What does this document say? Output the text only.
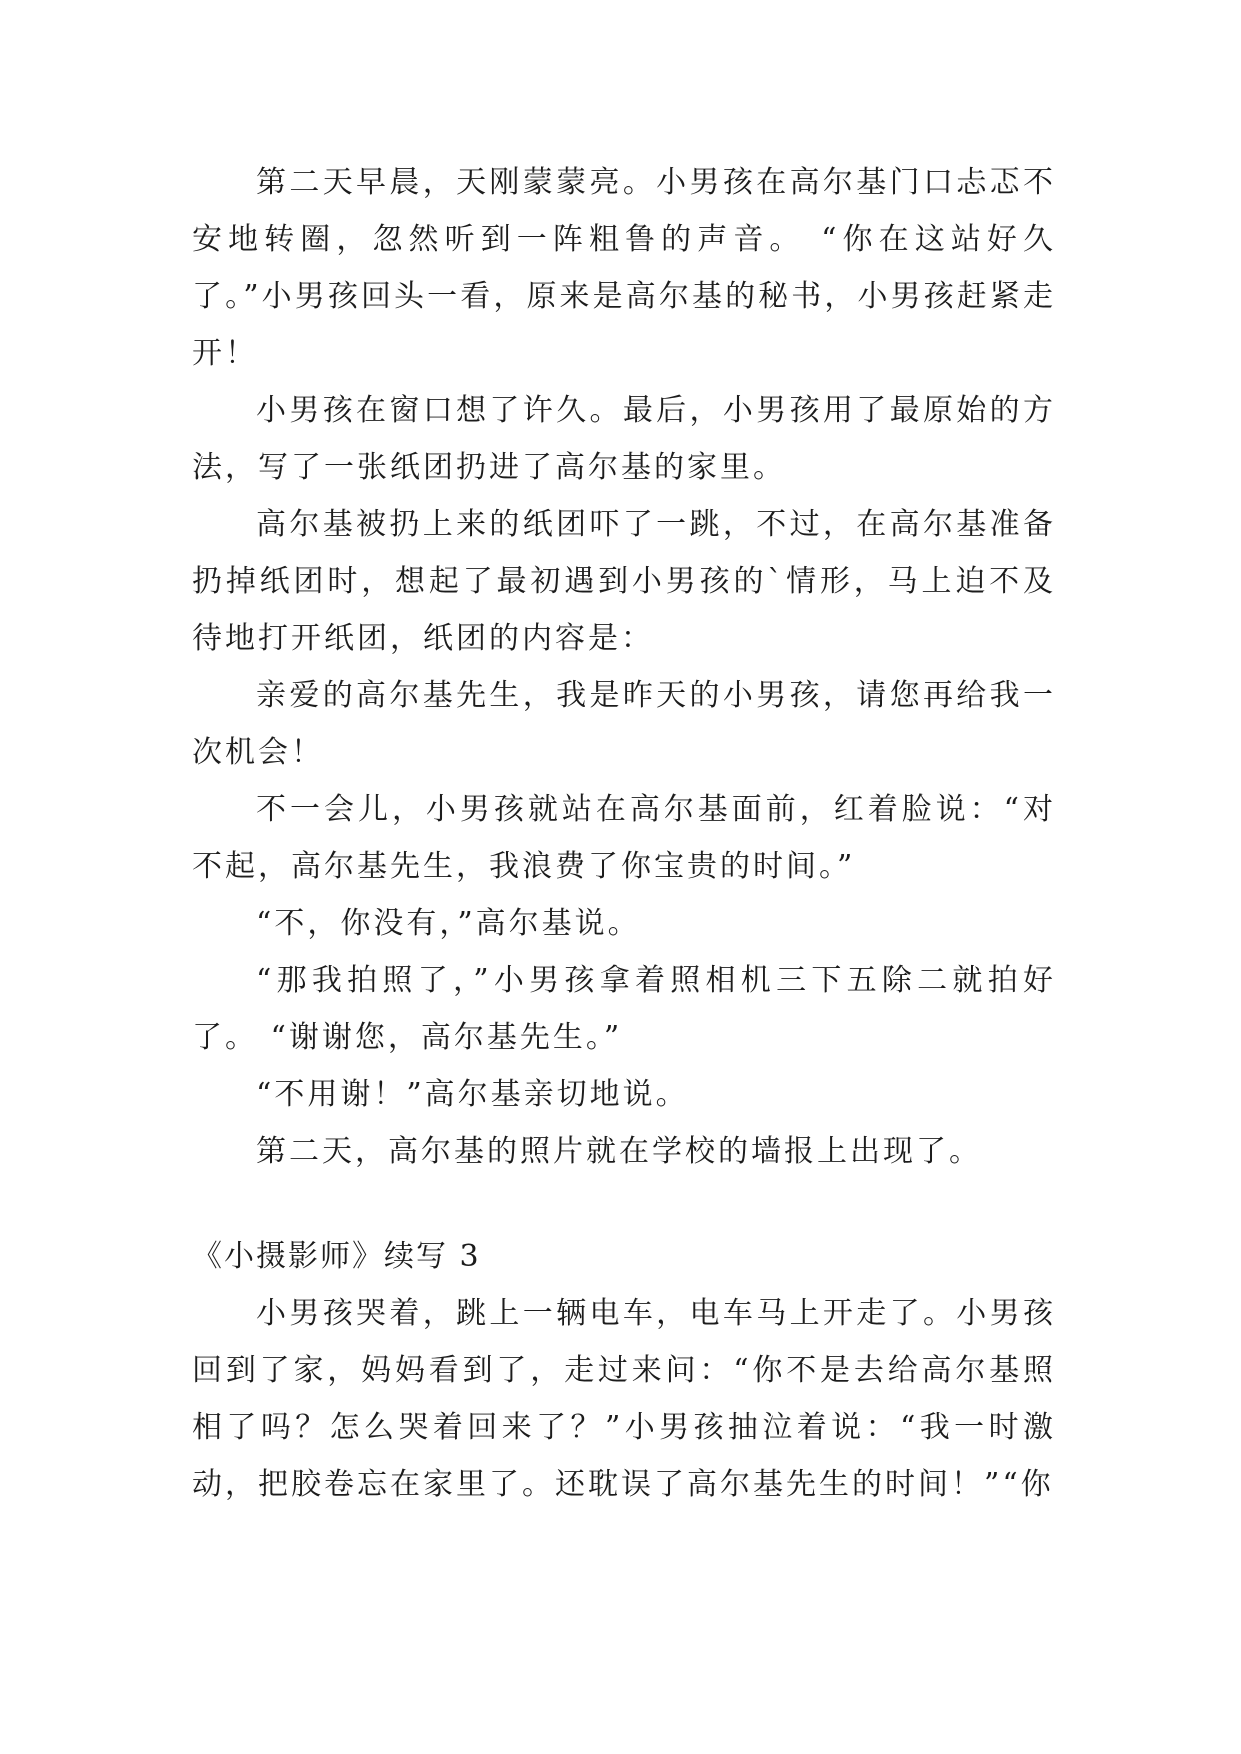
第二天早晨，天刚蒙蒙亮。小男孩在高尔基门口忐忑不安地转圈，忽然听到一阵粗鲁的声音。 “你在这站好久了。”小男孩回头一看，原来是高尔基的秘书，小男孩赶紧走开！

小男孩在窗口想了许久。最后，小男孩用了最原始的方法，写了一张纸团扔进了高尔基的家里。

高尔基被扔上来的纸团吓了一跳，不过，在高尔基准备扔掉纸团时，想起了最初遇到小男孩的`情形，马上迫不及待地打开纸团，纸团的内容是：

亲爱的高尔基先生，我是昨天的小男孩，请您再给我一次机会！

不一会儿，小男孩就站在高尔基面前，红着脸说：“对不起，高尔基先生，我浪费了你宝贵的时间。”

“不，你没有，”高尔基说。

“那我拍照了，”小男孩拿着照相机三下五除二就拍好了。 “谢谢您，高尔基先生。”

“不用谢！”高尔基亲切地说。

第二天，高尔基的照片就在学校的墙报上出现了。

《小摄影师》续写 3

小男孩哭着，跳上一辆电车，电车马上开走了。小男孩回到了家，妈妈看到了，走过来问：“你不是去给高尔基照相了吗？怎么哭着回来了？”小男孩抽泣着说：“我一时激动，把胶卷忘在家里了。还耽误了高尔基先生的时间！”“你
